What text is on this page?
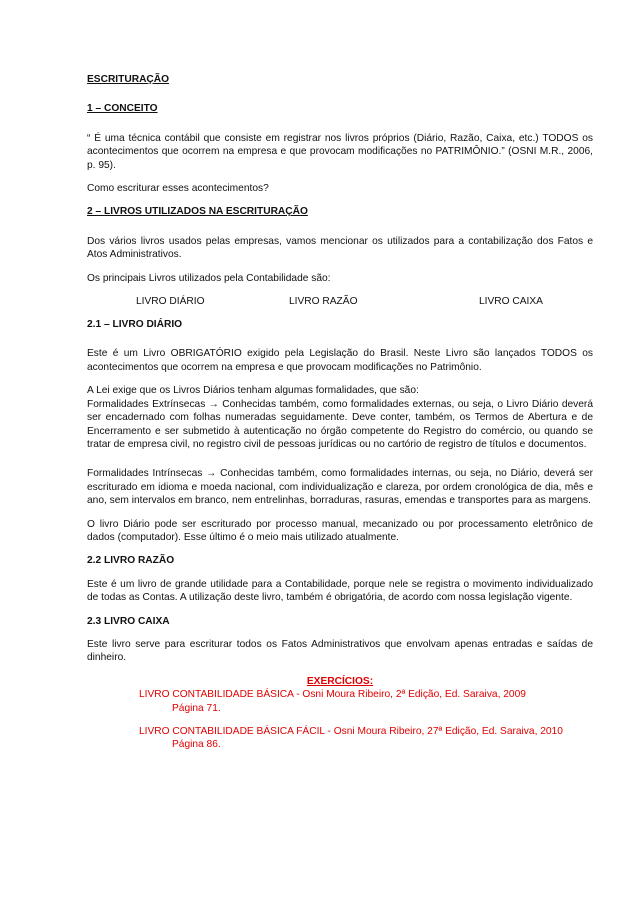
ESCRITURAÇÃO

1 – CONCEITO

“ É uma técnica contábil que consiste em registrar nos livros próprios (Diário, Razão, Caixa, etc.) TODOS os acontecimentos que ocorrem na empresa e que provocam modificações no PATRIMÔNIO.” (OSNI M.R., 2006, p. 95).

Como escriturar esses acontecimentos?

2 – LIVROS UTILIZADOS NA ESCRITURAÇÃO

Dos vários livros usados pelas empresas, vamos mencionar os utilizados para a contabilização dos Fatos e Atos Administrativos.

Os principais Livros utilizados pela Contabilidade são:

LIVRO DIÁRIO	LIVRO RAZÃO	LIVRO CAIXA

2.1 – LIVRO DIÁRIO

Este é um Livro OBRIGATÓRIO exigido pela Legislação do Brasil. Neste Livro são lançados TODOS os acontecimentos que ocorrem na empresa e que provocam modificações no Patrimônio.

A Lei exige que os Livros Diários tenham algumas formalidades, que são:

Formalidades Extrínsecas → Conhecidas também, como formalidades externas, ou seja, o Livro Diário deverá ser encadernado com folhas numeradas seguidamente. Deve conter, também, os Termos de Abertura e de Encerramento e ser submetido à autenticação no órgão competente do Registro do comércio, ou quando se tratar de empresa civil, no registro civil de pessoas jurídicas ou no cartório de registro de títulos e documentos.

Formalidades Intrínsecas → Conhecidas também, como formalidades internas, ou seja, no Diário, deverá ser escriturado em idioma e moeda nacional, com individualização e clareza, por ordem cronológica de dia, mês e ano, sem intervalos em branco, nem entrelinhas, borraduras, rasuras, emendas e transportes para as margens.

O livro Diário pode ser escriturado por processo manual, mecanizado ou por processamento eletrônico de dados (computador). Esse último é o meio mais utilizado atualmente.

2.2 LIVRO RAZÃO

Este é um livro de grande utilidade para a Contabilidade, porque nele se registra o movimento individualizado de todas as Contas. A utilização deste livro, também é obrigatória, de acordo com nossa legislação vigente.

2.3 LIVRO CAIXA

Este livro serve para escriturar todos os Fatos Administrativos que envolvam apenas entradas e saídas de dinheiro.

EXERCÍCIOS:

LIVRO CONTABILIDADE BÁSICA - Osni Moura Ribeiro, 2ª Edição, Ed. Saraiva, 2009

Página 71.

LIVRO CONTABILIDADE BÁSICA FÁCIL - Osni Moura Ribeiro, 27ª Edição, Ed. Saraiva, 2010

Página 86.
